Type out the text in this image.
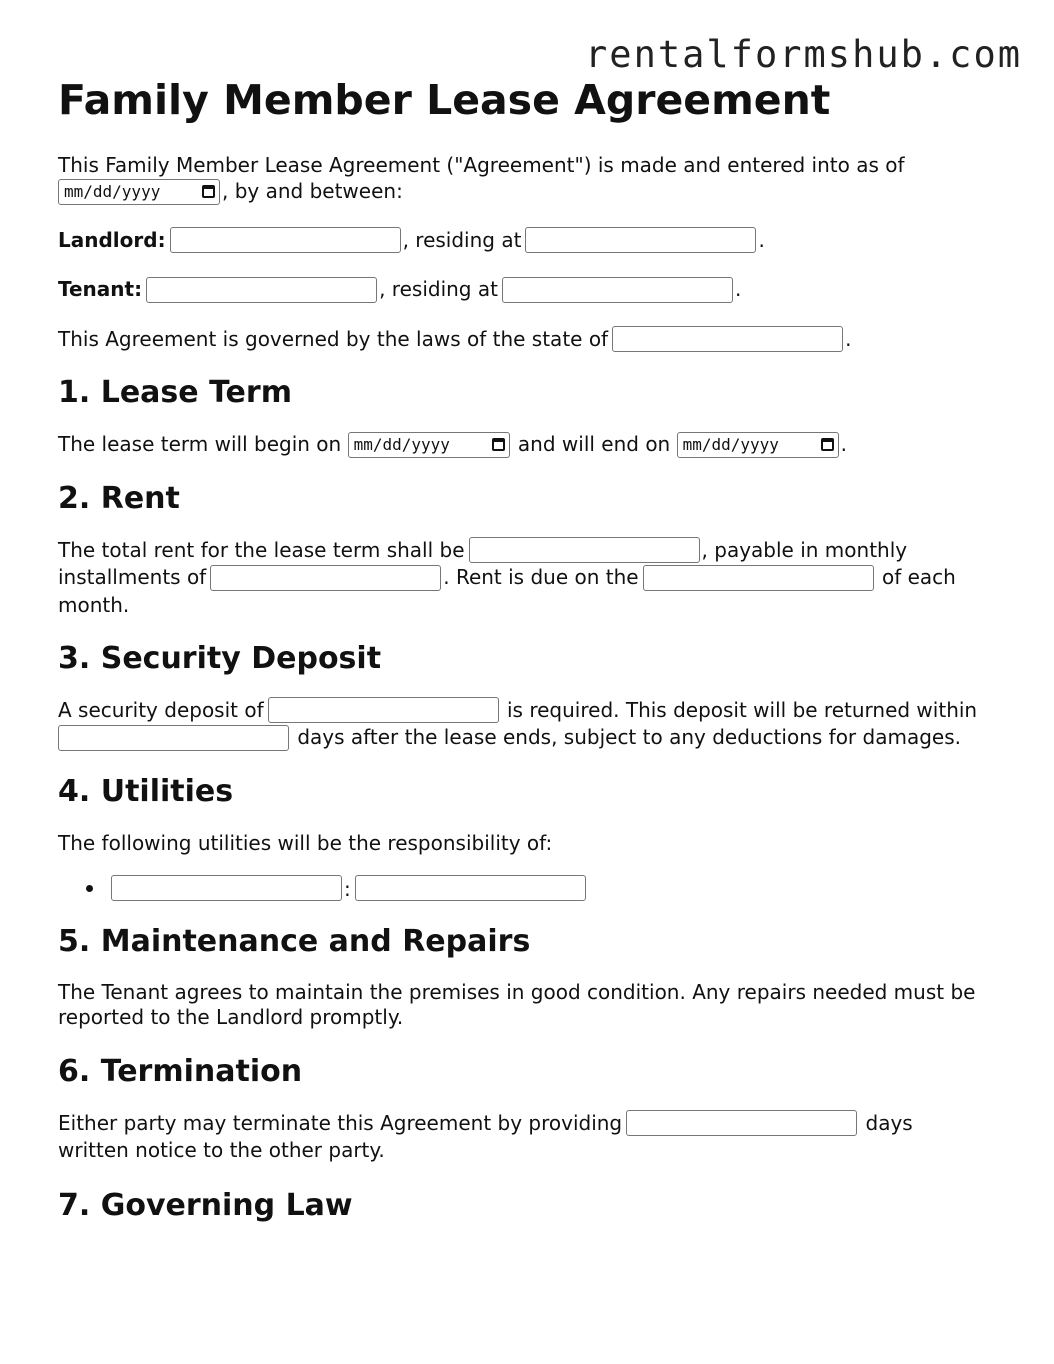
rentalformshub.com
Family Member Lease Agreement

This Family Member Lease Agreement ("Agreement") is made and entered into as of

mm/dd/yyyy	, by and between:

Landlord:	, residing at	.

Tenant:	, residing at	.

This Agreement is governed by the laws of the state of	.

1. Lease Term

The lease term will begin on mm/dd/yyyy	and will end on mm/dd/yyyy	.

2. Rent

The total rent for the lease term shall be	, payable in monthly
installments of	. Rent is due on the	of each
month.

3. Security Deposit

A security deposit of	is required. This deposit will be returned within
days after the lease ends, subject to any deductions for damages.

4. Utilities

The following utilities will be the responsibility of:

:
5. Maintenance and Repairs

The Tenant agrees to maintain the premises in good condition. Any repairs needed must be reported to the Landlord promptly.

6. Termination

Either party may terminate this Agreement by providing	days
written notice to the other party.

7. Governing Law
